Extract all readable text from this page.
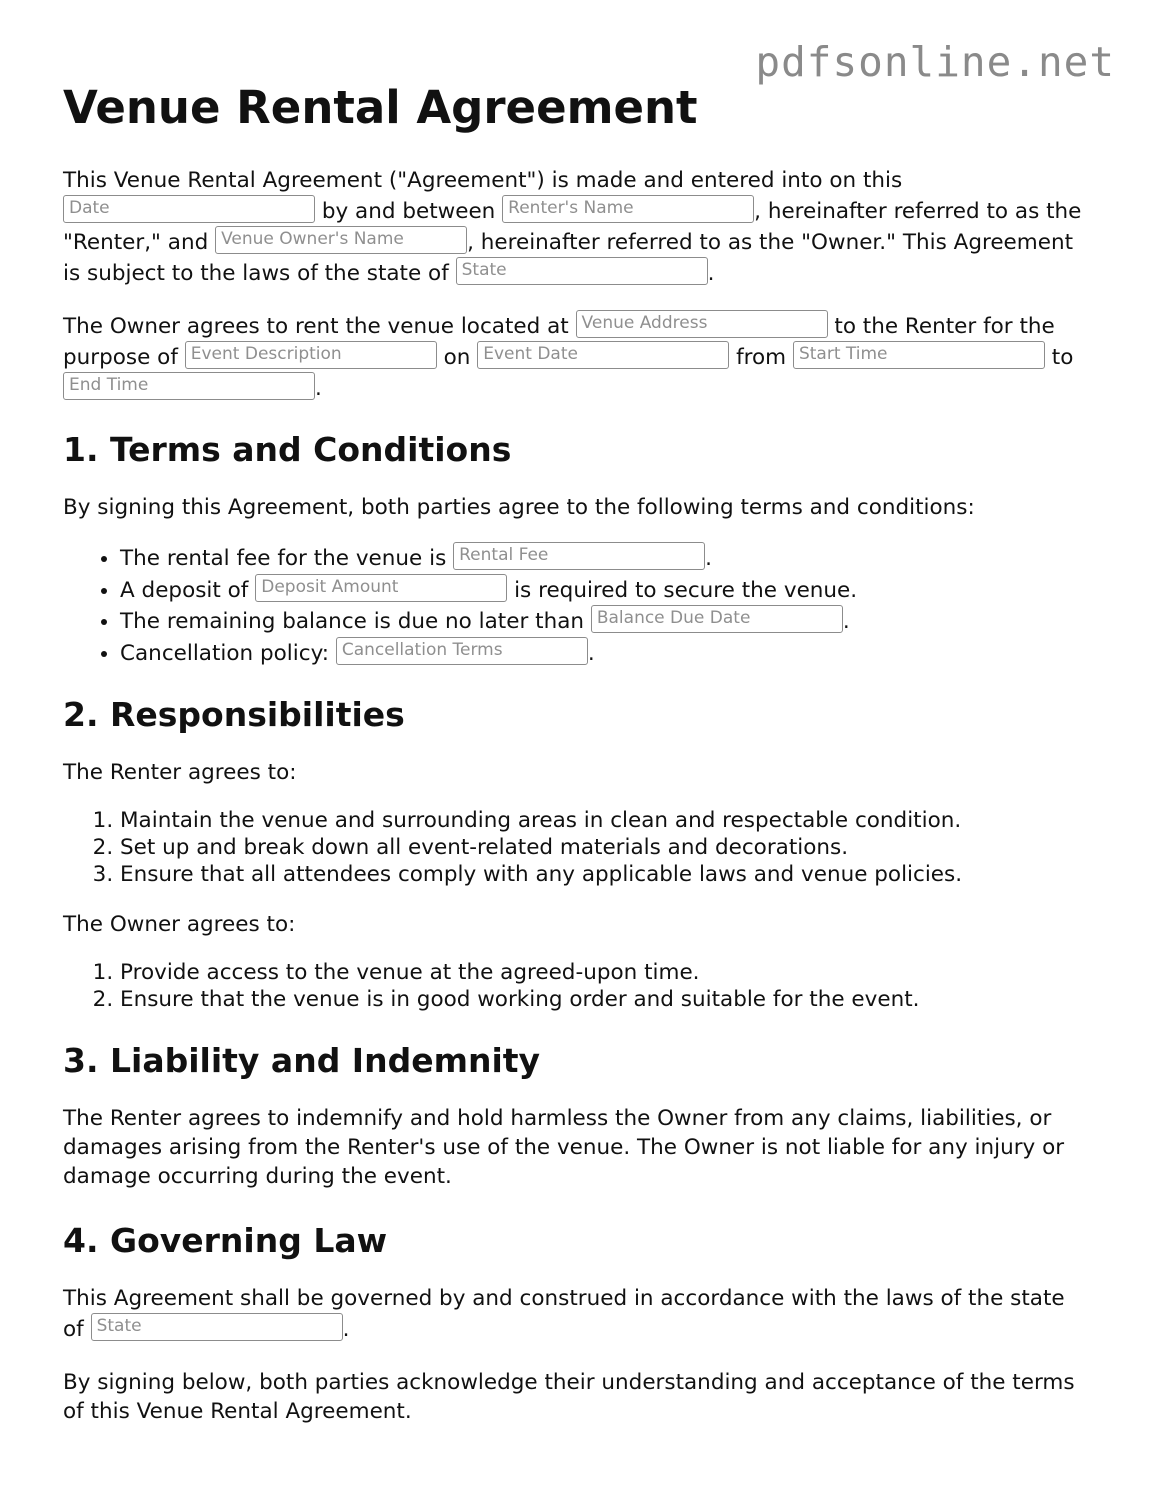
pdfsonline.net
Venue Rental Agreement

This Venue Rental Agreement ("Agreement") is made and entered into on this Date	by and between Renter's Name	, hereinafter referred to as the "Renter," and Venue Owner's Name	, hereinafter referred to as the "Owner." This Agreement is subject to the laws of the state of State	.

The Owner agrees to rent the venue located at Venue Address	to the Renter for the purpose of Event Description	on Event Date	from Start Time	to End Time	.

1. Terms and Conditions

By signing this Agreement, both parties agree to the following terms and conditions:

• The rental fee for the venue is Rental Fee	.
• A deposit of Deposit Amount	is required to secure the venue.
• The remaining balance is due no later than Balance Due Date	.
• Cancellation policy: Cancellation Terms	.
2. Responsibilities

The Renter agrees to:

1. Maintain the venue and surrounding areas in clean and respectable condition.
2. Set up and break down all event-related materials and decorations.
3. Ensure that all attendees comply with any applicable laws and venue policies.

The Owner agrees to:

1. Provide access to the venue at the agreed-upon time.
2. Ensure that the venue is in good working order and suitable for the event.
3. Liability and Indemnity

The Renter agrees to indemnify and hold harmless the Owner from any claims, liabilities, or damages arising from the Renter's use of the venue. The Owner is not liable for any injury or damage occurring during the event.

4. Governing Law

This Agreement shall be governed by and construed in accordance with the laws of the state of State	.

By signing below, both parties acknowledge their understanding and acceptance of the terms of this Venue Rental Agreement.
